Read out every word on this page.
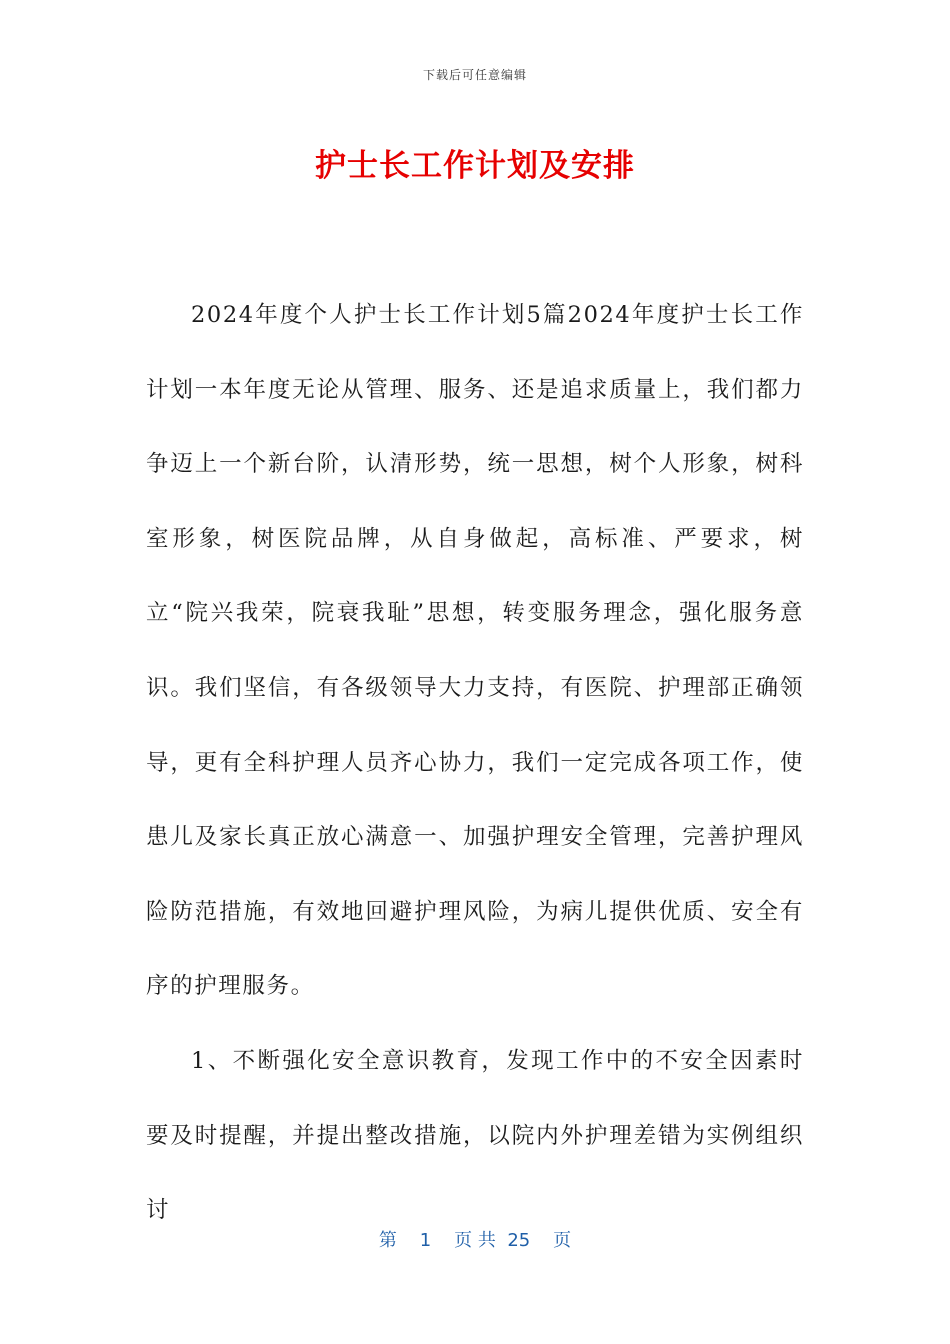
下载后可任意编辑
护士长工作计划及安排

2024年度个人护士长工作计划5篇2024年度护士长工作计划一本年度无论从管理、服务、还是追求质量上，我们都力争迈上一个新台阶，认清形势，统一思想，树个人形象，树科室形象，树医院品牌，从自身做起，高标准、严要求，树立“院兴我荣，院衰我耻”思想，转变服务理念，强化服务意识。我们坚信，有各级领导大力支持，有医院、护理部正确领导，更有全科护理人员齐心协力，我们一定完成各项工作，使患儿及家长真正放心满意一、加强护理安全管理，完善护理风险防范措施，有效地回避护理风险，为病儿提供优质、安全有序的护理服务。

1、不断强化安全意识教育，发现工作中的不安全因素时要及时提醒，并提出整改措施，以院内外护理差错为实例组织讨

第 1 页 共 25 页
